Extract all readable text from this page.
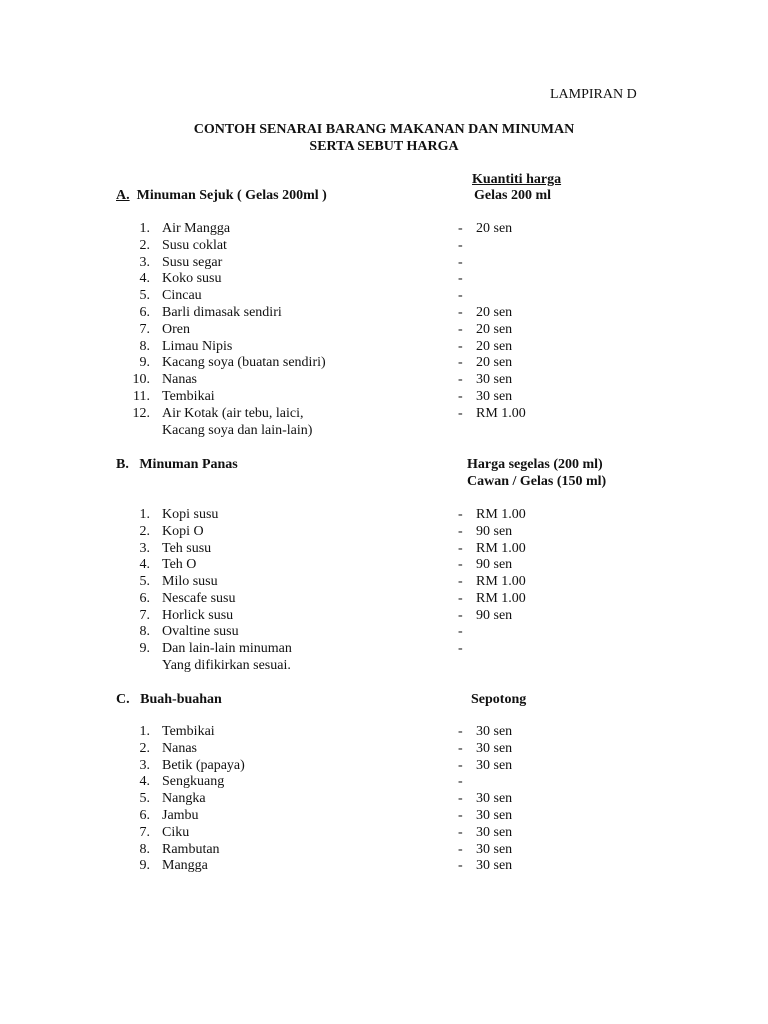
LAMPIRAN D
CONTOH SENARAI BARANG MAKANAN DAN MINUMAN
SERTA SEBUT HARGA
Kuantiti harga
A. Minuman Sejuk ( Gelas 200ml )	Gelas 200 ml
1. Air Mangga	- 20 sen
2. Susu coklat	-
3. Susu segar	-
4. Koko susu	-
5. Cincau	-
6. Barli dimasak sendiri	- 20 sen
7. Oren	- 20 sen
8. Limau Nipis	- 20 sen
9. Kacang soya (buatan sendiri)	- 20 sen
10. Nanas	- 30 sen
11. Tembikai	- 30 sen
12. Air Kotak (air tebu, laici,	- RM 1.00
Kacang soya dan lain-lain)
B. Minuman Panas	Harga segelas (200 ml)
Cawan / Gelas (150 ml)
1. Kopi susu	- RM 1.00
2. Kopi O	- 90 sen
3. Teh susu	- RM 1.00
4. Teh O	- 90 sen
5. Milo susu	- RM 1.00
6. Nescafe susu	- RM 1.00
7. Horlick susu	- 90 sen
8. Ovaltine susu	-
9. Dan lain-lain minuman	-
Yang difikirkan sesuai.
C. Buah-buahan	Sepotong
1. Tembikai	- 30 sen
2. Nanas	- 30 sen
3. Betik (papaya)	- 30 sen
4. Sengkuang	-
5. Nangka	- 30 sen
6. Jambu	- 30 sen
7. Ciku	- 30 sen
8. Rambutan	- 30 sen
9. Mangga	- 30 sen
